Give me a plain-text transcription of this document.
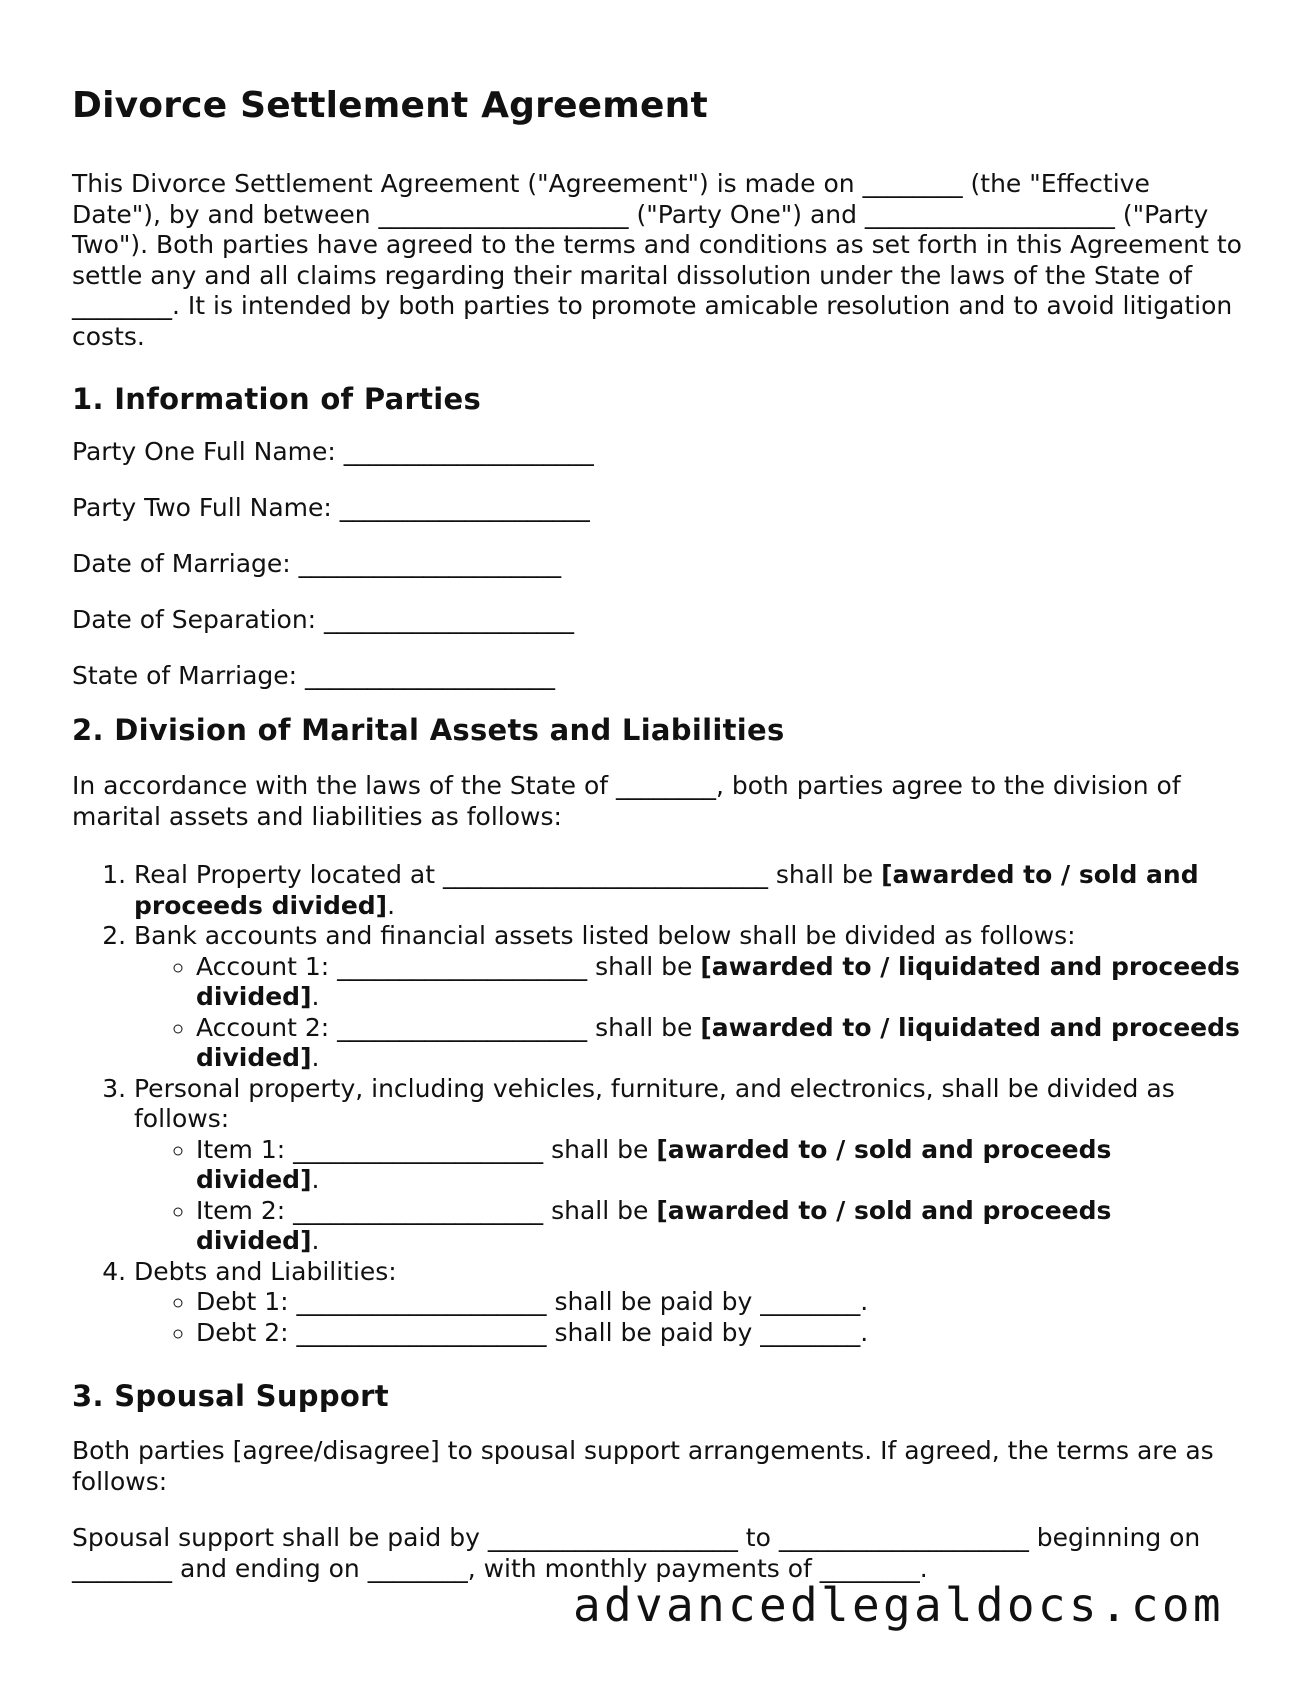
Divorce Settlement Agreement

This Divorce Settlement Agreement ("Agreement") is made on ________ (the "Effective Date"), by and between ____________________ ("Party One") and ____________________ ("Party Two"). Both parties have agreed to the terms and conditions as set forth in this Agreement to settle any and all claims regarding their marital dissolution under the laws of the State of ________. It is intended by both parties to promote amicable resolution and to avoid litigation costs.

1. Information of Parties

Party One Full Name: ____________________

Party Two Full Name: ____________________

Date of Marriage: _____________________

Date of Separation: ____________________

State of Marriage: ____________________

2. Division of Marital Assets and Liabilities

In accordance with the laws of the State of ________, both parties agree to the division of marital assets and liabilities as follows:

1. Real Property located at __________________________ shall be [awarded to / sold and proceeds divided].
2. Bank accounts and financial assets listed below shall be divided as follows:
◦ Account 1: ____________________ shall be [awarded to / liquidated and proceeds divided].
◦ Account 2: ____________________ shall be [awarded to / liquidated and proceeds divided].
3. Personal property, including vehicles, furniture, and electronics, shall be divided as follows:
◦ Item 1: ____________________ shall be [awarded to / sold and proceeds divided].
◦ Item 2: ____________________ shall be [awarded to / sold and proceeds divided].
4. Debts and Liabilities:
◦ Debt 1: ____________________ shall be paid by ________.
◦ Debt 2: ____________________ shall be paid by ________.
3. Spousal Support

Both parties [agree/disagree] to spousal support arrangements. If agreed, the terms are as follows:

Spousal support shall be paid by ____________________ to ____________________ beginning on ________ and ending on ________, with monthly payments of ________.

advancedlegaldocs.com
